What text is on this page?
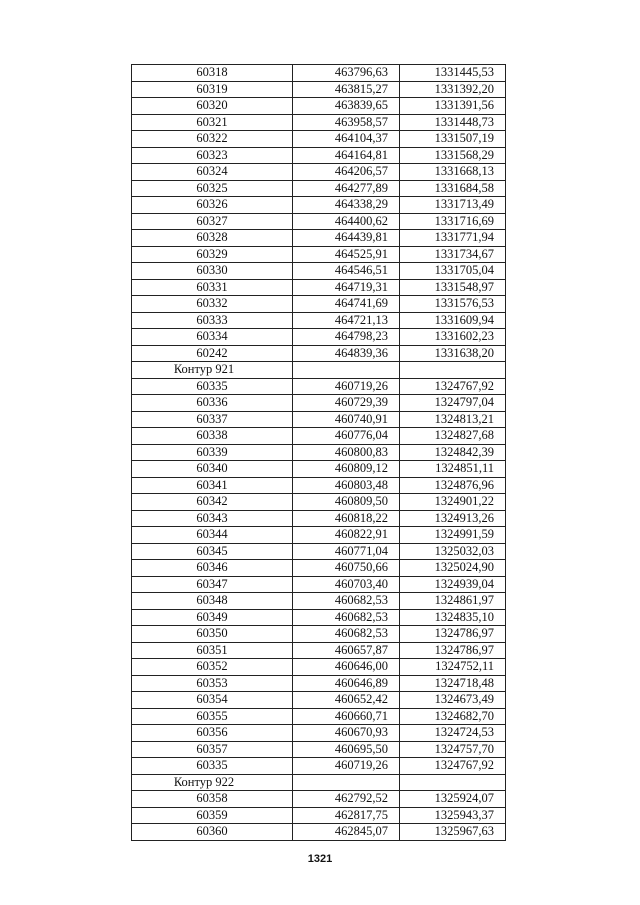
60318	463796,63	1331445,53
60319	463815,27	1331392,20
60320	463839,65	1331391,56
60321	463958,57	1331448,73
60322	464104,37	1331507,19
60323	464164,81	1331568,29
60324	464206,57	1331668,13
60325	464277,89	1331684,58
60326	464338,29	1331713,49
60327	464400,62	1331716,69
60328	464439,81	1331771,94
60329	464525,91	1331734,67
60330	464546,51	1331705,04
60331	464719,31	1331548,97
60332	464741,69	1331576,53
60333	464721,13	1331609,94
60334	464798,23	1331602,23
60242	464839,36	1331638,20
Контур 921		
60335	460719,26	1324767,92
60336	460729,39	1324797,04
60337	460740,91	1324813,21
60338	460776,04	1324827,68
60339	460800,83	1324842,39
60340	460809,12	1324851,11
60341	460803,48	1324876,96
60342	460809,50	1324901,22
60343	460818,22	1324913,26
60344	460822,91	1324991,59
60345	460771,04	1325032,03
60346	460750,66	1325024,90
60347	460703,40	1324939,04
60348	460682,53	1324861,97
60349	460682,53	1324835,10
60350	460682,53	1324786,97
60351	460657,87	1324786,97
60352	460646,00	1324752,11
60353	460646,89	1324718,48
60354	460652,42	1324673,49
60355	460660,71	1324682,70
60356	460670,93	1324724,53
60357	460695,50	1324757,70
60335	460719,26	1324767,92
Контур 922		
60358	462792,52	1325924,07
60359	462817,75	1325943,37
60360	462845,07	1325967,63
1321
